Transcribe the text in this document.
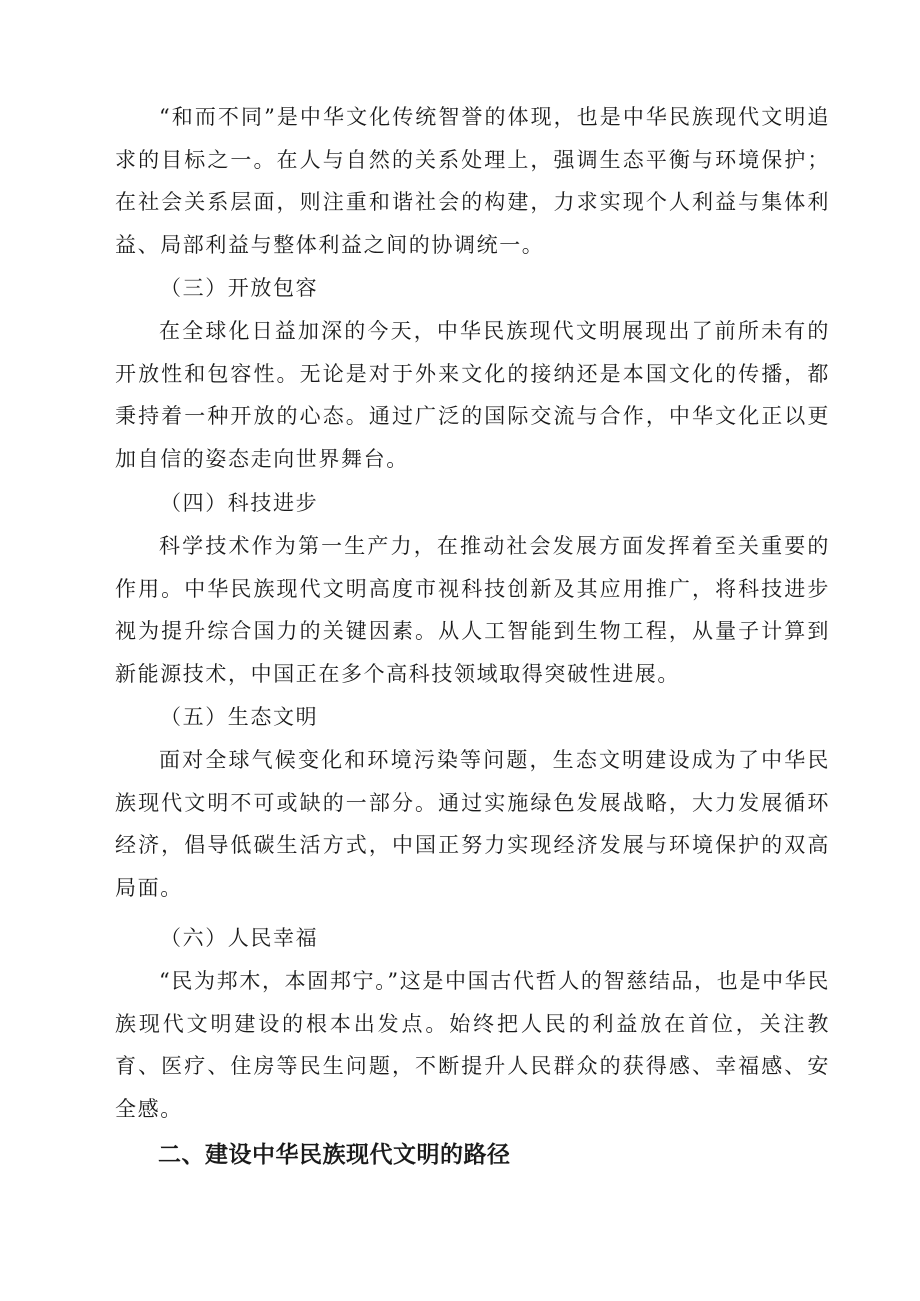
“和而不同”是中华文化传统智誉的体现，也是中华民族现代文明追求的目标之一。在人与自然的关系处理上，强调生态平衡与环境保护；在社会关系层面，则注重和谐社会的构建，力求实现个人利益与集体利益、局部利益与整体利益之间的协调统一。

（三）开放包容

在全球化日益加深的今天，中华民族现代文明展现出了前所未有的开放性和包容性。无论是对于外来文化的接纳还是本国文化的传播，都秉持着一种开放的心态。通过广泛的国际交流与合作，中华文化正以更加自信的姿态走向世界舞台。

（四）科技进步

科学技术作为第一生产力，在推动社会发展方面发挥着至关重要的作用。中华民族现代文明高度市视科技创新及其应用推广，将科技进步视为提升综合国力的关键因素。从人工智能到生物工程，从量子计算到新能源技术，中国正在多个高科技领域取得突破性进展。

（五）生态文明

面对全球气候变化和环境污染等问题，生态文明建设成为了中华民族现代文明不可或缺的一部分。通过实施绿色发展战略，大力发展循环经济，倡导低碳生活方式，中国正努力实现经济发展与环境保护的双高局面。

（六）人民幸福

“民为邦木，本固邦宁。”这是中国古代哲人的智慈结品，也是中华民族现代文明建设的根本出发点。始终把人民的利益放在首位，关注教育、医疗、住房等民生问题，不断提升人民群众的获得感、幸福感、安全感。

二、建设中华民族现代文明的路径
